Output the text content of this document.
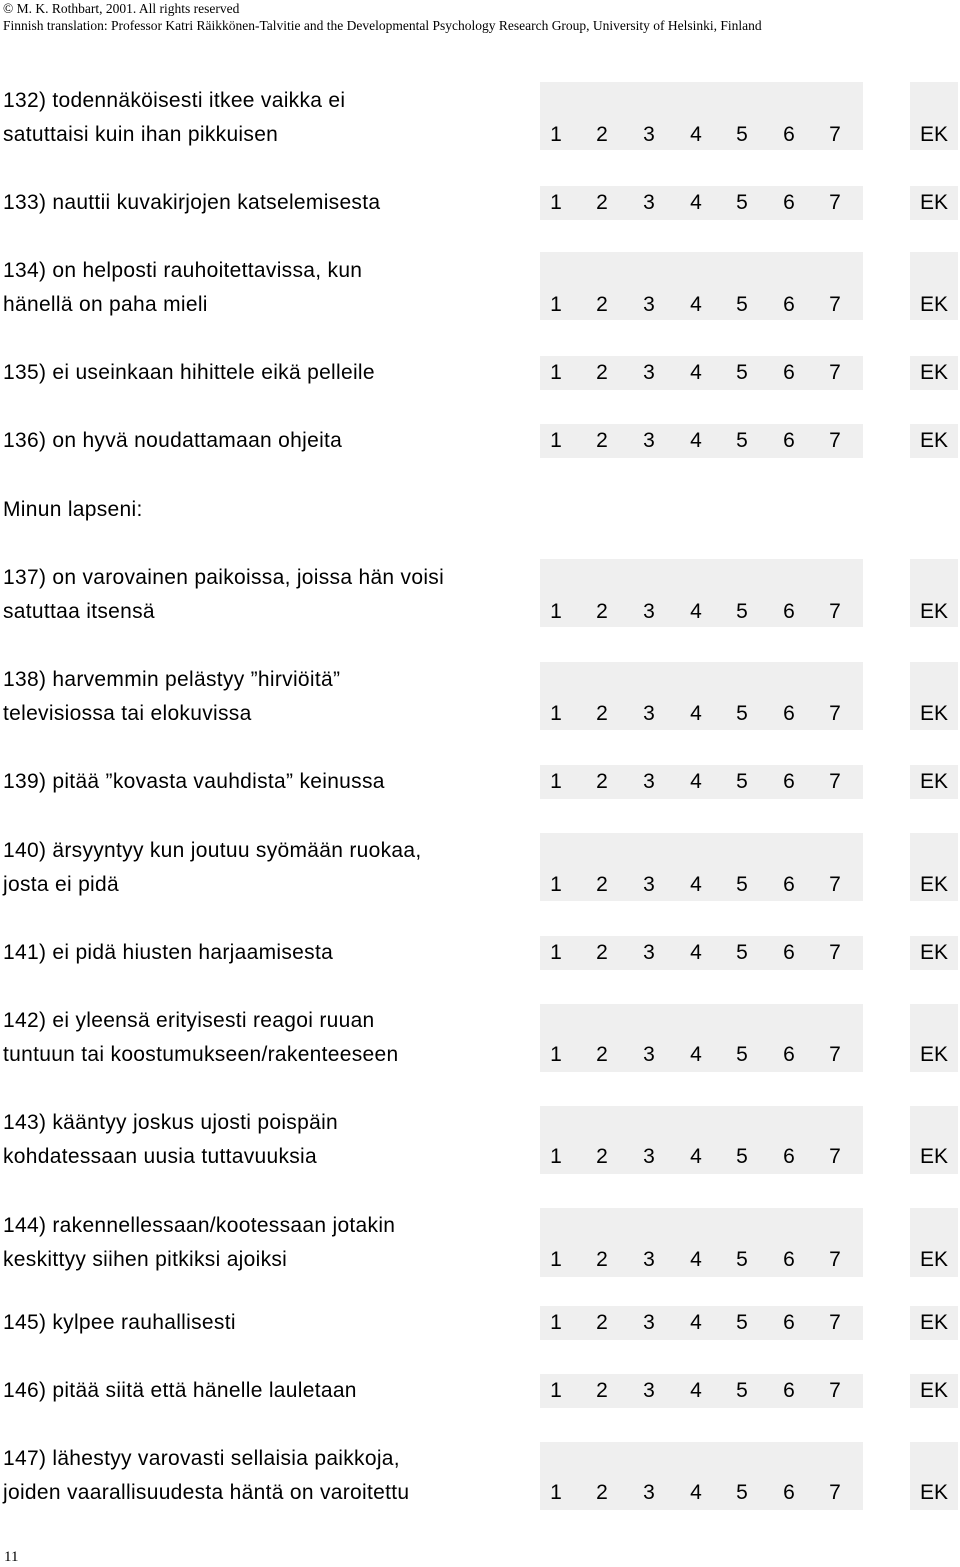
© M. K. Rothbart, 2001. All rights reserved
Finnish translation: Professor Katri Räikkönen-Talvitie and the Developmental Psychology Research Group, University of Helsinki, Finland
132) todennäköisesti itkee vaikka ei
satuttaisi kuin ihan pikkuisen	1 2 3 4 5 6 7	EK
133) nauttii kuvakirjojen katselemisesta	1 2 3 4 5 6 7	EK
134) on helposti rauhoitettavissa, kun
hänellä on paha mieli	1 2 3 4 5 6 7	EK
135) ei useinkaan hihittele eikä pelleile	1 2 3 4 5 6 7	EK
136) on hyvä noudattamaan ohjeita	1 2 3 4 5 6 7	EK
137) on varovainen paikoissa, joissa hän voisi
satuttaa itsensä	1 2 3 4 5 6 7	EK
138) harvemmin pelästyy ”hirviöitä”
televisiossa tai elokuvissa	1 2 3 4 5 6 7	EK
139) pitää ”kovasta vauhdista” keinussa	1 2 3 4 5 6 7	EK
140) ärsyyntyy kun joutuu syömään ruokaa,
josta ei pidä	1 2 3 4 5 6 7	EK
141) ei pidä hiusten harjaamisesta	1 2 3 4 5 6 7	EK
142) ei yleensä erityisesti reagoi ruuan
tuntuun tai koostumukseen/rakenteeseen	1 2 3 4 5 6 7	EK
143) kääntyy joskus ujosti poispäin
kohdatessaan uusia tuttavuuksia	1 2 3 4 5 6 7	EK
144) rakennellessaan/kootessaan jotakin
keskittyy siihen pitkiksi ajoiksi	1 2 3 4 5 6 7	EK
145) kylpee rauhallisesti	1 2 3 4 5 6 7	EK
146) pitää siitä että hänelle lauletaan	1 2 3 4 5 6 7	EK
147) lähestyy varovasti sellaisia paikkoja,
joiden vaarallisuudesta häntä on varoitettu	1 2 3 4 5 6 7	EK
Minun lapseni:
11
